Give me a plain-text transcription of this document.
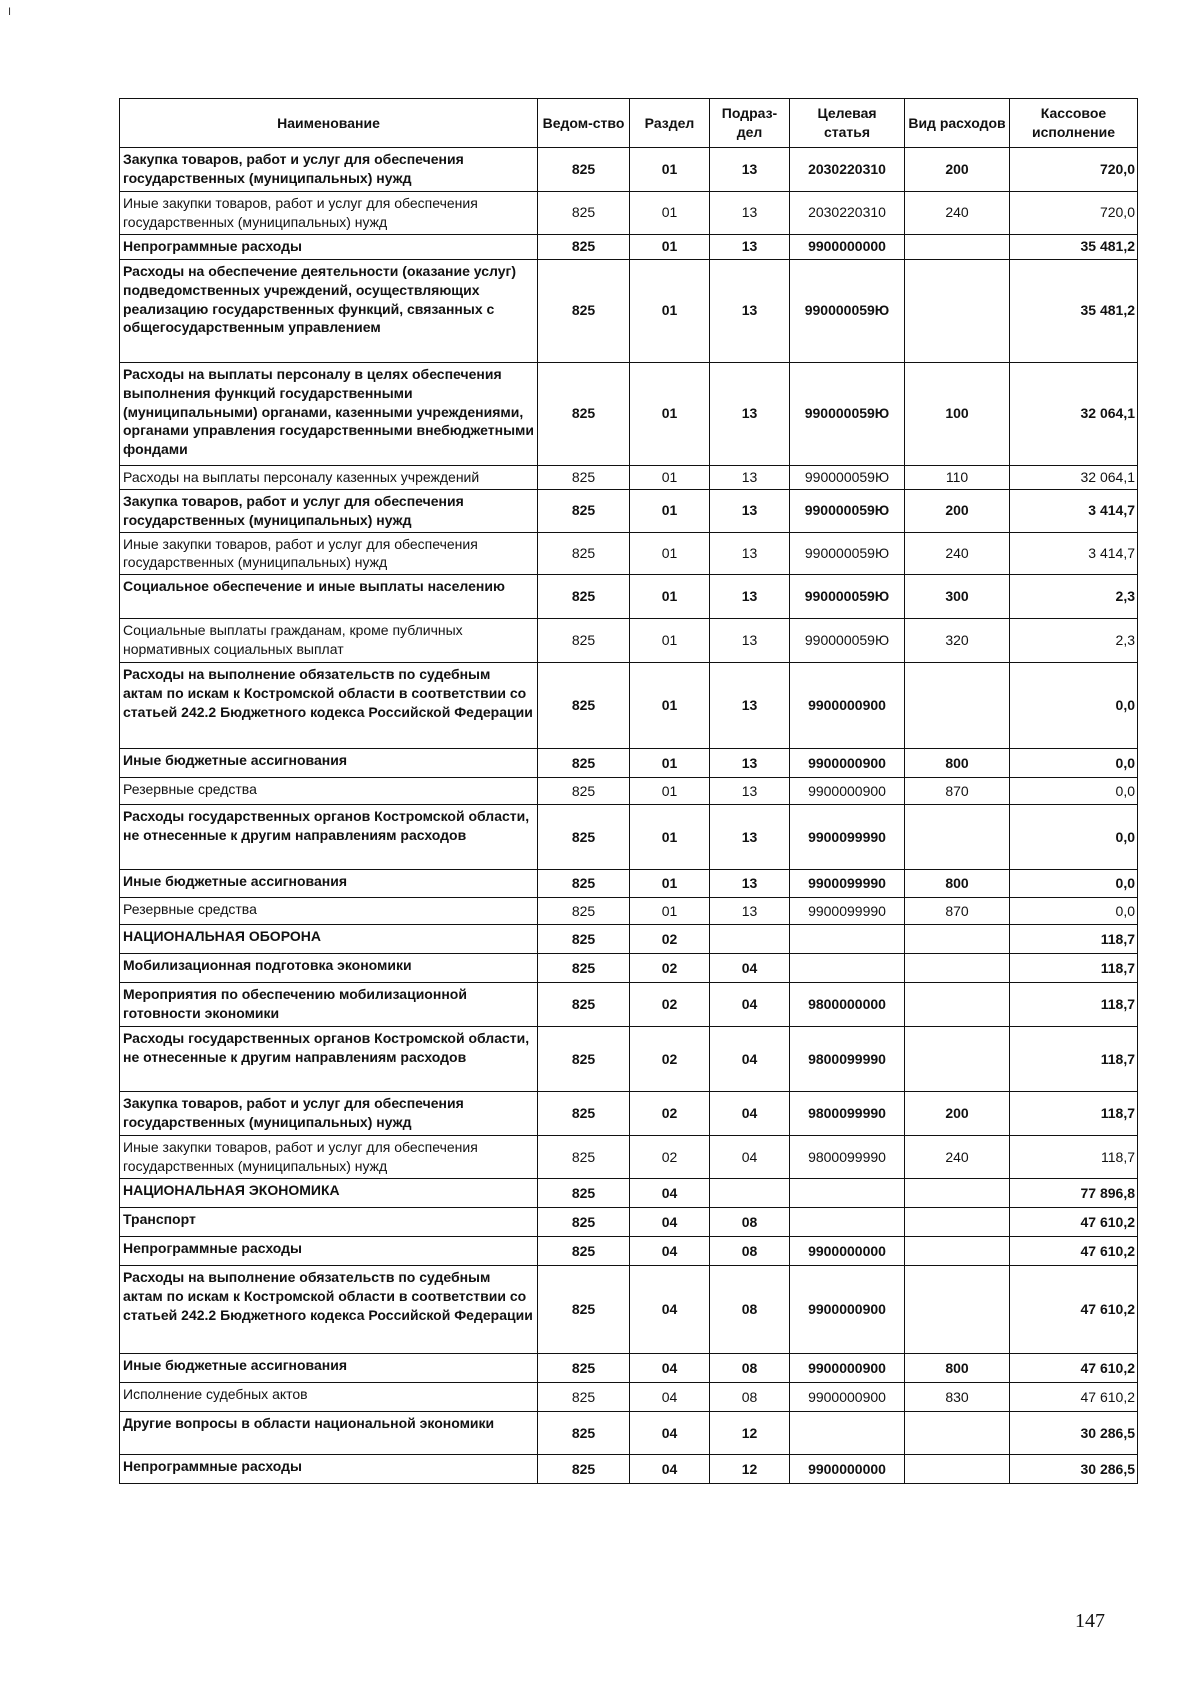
I
Наименование	Ведом-ство	Раздел	Подраз-дел	Целевая статья	Вид расходов	Кассовое исполнение
Закупка товаров, работ и услуг для обеспечения государственных (муниципальных) нужд	825	01	13	2030220310	200	720,0
Иные закупки товаров, работ и услуг для обеспечения государственных (муниципальных) нужд	825	01	13	2030220310	240	720,0
Непрограммные расходы	825	01	13	9900000000		35 481,2
Расходы на обеспечение деятельности (оказание услуг) подведомственных учреждений, осуществляющих реализацию государственных функций, связанных с общегосударственным управлением	825	01	13	990000059Ю		35 481,2
Расходы на выплаты персоналу в целях обеспечения выполнения функций государственными (муниципальными) органами, казенными учреждениями, органами управления государственными внебюджетными фондами	825	01	13	990000059Ю	100	32 064,1
Расходы на выплаты персоналу казенных учреждений	825	01	13	990000059Ю	110	32 064,1
Закупка товаров, работ и услуг для обеспечения государственных (муниципальных) нужд	825	01	13	990000059Ю	200	3 414,7
Иные закупки товаров, работ и услуг для обеспечения государственных (муниципальных) нужд	825	01	13	990000059Ю	240	3 414,7
Социальное обеспечение и иные выплаты населению	825	01	13	990000059Ю	300	2,3
Социальные выплаты гражданам, кроме публичных нормативных социальных выплат	825	01	13	990000059Ю	320	2,3
Расходы на выполнение обязательств по судебным актам по искам к Костромской области в соответствии со статьей 242.2 Бюджетного кодекса Российской Федерации	825	01	13	9900000900		0,0
Иные бюджетные ассигнования	825	01	13	9900000900	800	0,0
Резервные средства	825	01	13	9900000900	870	0,0
Расходы государственных органов Костромской области, не отнесенные к другим направлениям расходов	825	01	13	9900099990		0,0
Иные бюджетные ассигнования	825	01	13	9900099990	800	0,0
Резервные средства	825	01	13	9900099990	870	0,0
НАЦИОНАЛЬНАЯ ОБОРОНА	825	02				118,7
Мобилизационная подготовка экономики	825	02	04			118,7
Мероприятия по обеспечению мобилизационной готовности экономики	825	02	04	9800000000		118,7
Расходы государственных органов Костромской области, не отнесенные к другим направлениям расходов	825	02	04	9800099990		118,7
Закупка товаров, работ и услуг для обеспечения государственных (муниципальных) нужд	825	02	04	9800099990	200	118,7
Иные закупки товаров, работ и услуг для обеспечения государственных (муниципальных) нужд	825	02	04	9800099990	240	118,7
НАЦИОНАЛЬНАЯ ЭКОНОМИКА	825	04				77 896,8
Транспорт	825	04	08			47 610,2
Непрограммные расходы	825	04	08	9900000000		47 610,2
Расходы на выполнение обязательств по судебным актам по искам к Костромской области в соответствии со статьей 242.2 Бюджетного кодекса Российской Федерации	825	04	08	9900000900		47 610,2
Иные бюджетные ассигнования	825	04	08	9900000900	800	47 610,2
Исполнение судебных актов	825	04	08	9900000900	830	47 610,2
Другие вопросы в области национальной экономики	825	04	12			30 286,5
Непрограммные расходы	825	04	12	9900000000		30 286,5
147
